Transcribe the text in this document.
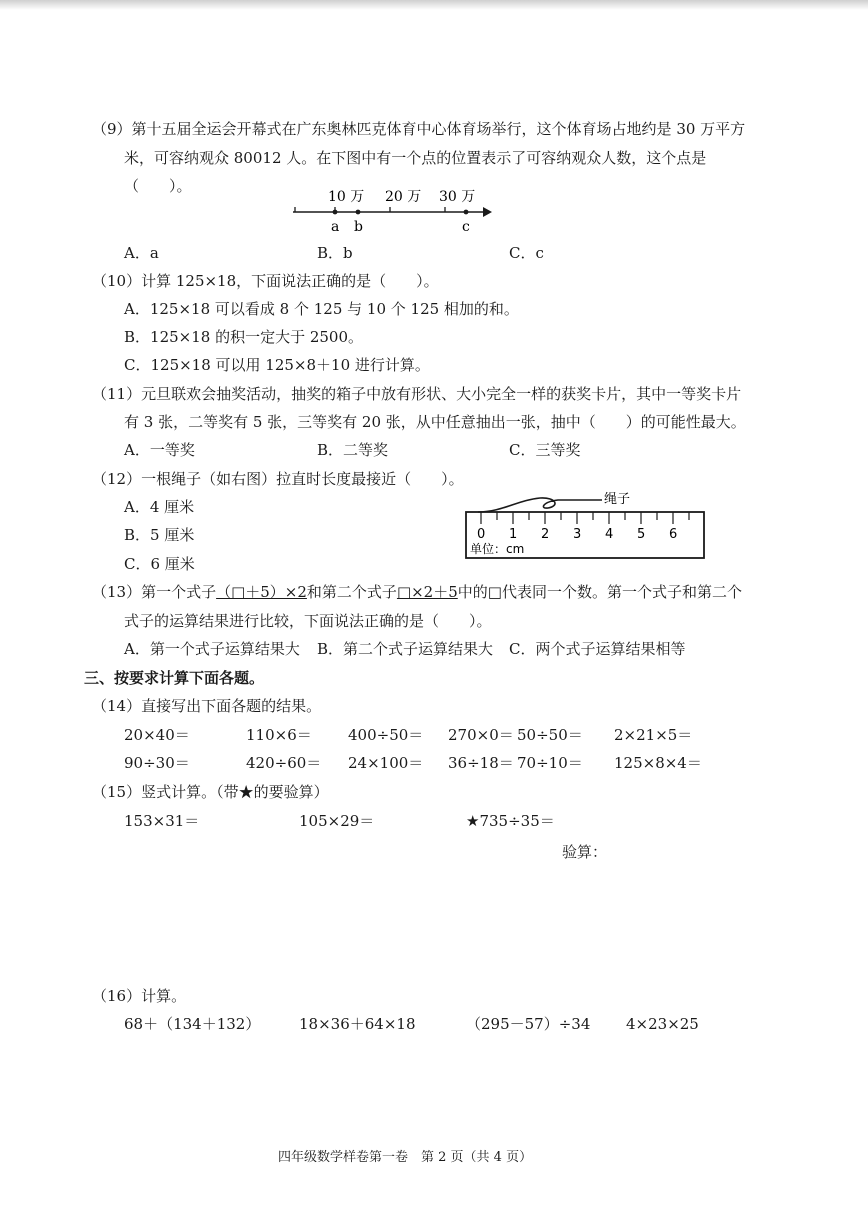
（9）第十五届全运会开幕式在广东奥林匹克体育中心体育场举行，这个体育场占地约是 30 万平方
米，可容纳观众 80012 人。在下图中有一个点的位置表示了可容纳观众人数，这个点是
（　　）。
10 万 20 万 30 万
a b	c
A．a	B．b	C．c
（10）计算 125×18，下面说法正确的是（　　）。
A．125×18 可以看成 8 个 125 与 10 个 125 相加的和。
B．125×18 的积一定大于 2500。
C．125×18 可以用 125×8＋10 进行计算。
（11）元旦联欢会抽奖活动，抽奖的箱子中放有形状、大小完全一样的获奖卡片，其中一等奖卡片
有 3 张，二等奖有 5 张，三等奖有 20 张，从中任意抽出一张，抽中（　　）的可能性最大。
A．一等奖	B．二等奖	C．三等奖
（12）一根绳子（如右图）拉直时长度最接近（　　）。
A．4 厘米
B．5 厘米
C．6 厘米
绳子
0 1 2 3 4 5 6
单位：cm
（13）第一个式子（□＋5）×2和第二个式子□×2＋5中的□代表同一个数。第一个式子和第二个
式子的运算结果进行比较，下面说法正确的是（　　）。
A．第一个式子运算结果大 B．第二个式子运算结果大 C．两个式子运算结果相等
三、按要求计算下面各题。
（14）直接写出下面各题的结果。
20×40＝	110×6＝ 400÷50＝ 270×0＝ 50÷50＝ 2×21×5＝
90÷30＝	420÷60＝ 24×100＝ 36÷18＝ 70÷10＝ 125×8×4＝
（15）竖式计算。（带★的要验算）
153×31＝	105×29＝	★735÷35＝
验算：
（16）计算。
68＋（134＋132）	18×36＋64×18	（295－57）÷34 4×23×25
四年级数学样卷第一卷　第 2 页（共 4 页）
